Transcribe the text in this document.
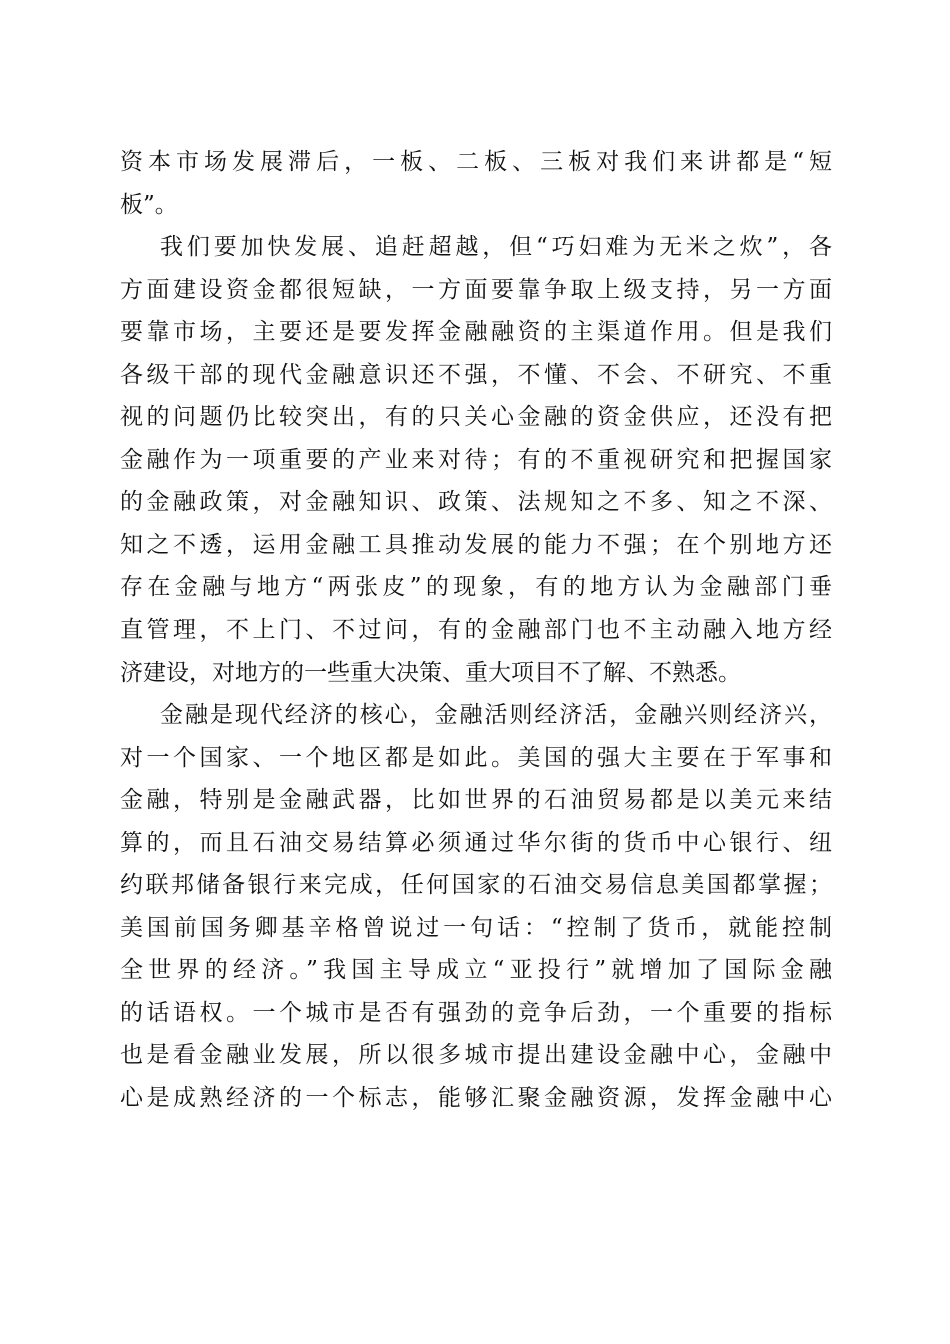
资本市场发展滞后，一板、二板、三板对我们来讲都是“短
板”。
我们要加快发展、追赶超越，但“巧妇难为无米之炊”，各
方面建设资金都很短缺，一方面要靠争取上级支持，另一方面
要靠市场，主要还是要发挥金融融资的主渠道作用。但是我们
各级干部的现代金融意识还不强，不懂、不会、不研究、不重
视的问题仍比较突出，有的只关心金融的资金供应，还没有把
金融作为一项重要的产业来对待；有的不重视研究和把握国家
的金融政策，对金融知识、政策、法规知之不多、知之不深、
知之不透，运用金融工具推动发展的能力不强；在个别地方还
存在金融与地方“两张皮”的现象，有的地方认为金融部门垂
直管理，不上门、不过问，有的金融部门也不主动融入地方经
济建设，对地方的一些重大决策、重大项目不了解、不熟悉。
金融是现代经济的核心，金融活则经济活，金融兴则经济兴，
对一个国家、一个地区都是如此。美国的强大主要在于军事和
金融，特别是金融武器，比如世界的石油贸易都是以美元来结
算的，而且石油交易结算必须通过华尔街的货币中心银行、纽
约联邦储备银行来完成，任何国家的石油交易信息美国都掌握；
美国前国务卿基辛格曾说过一句话：“控制了货币，就能控制
全世界的经济。”我国主导成立“亚投行”就增加了国际金融
的话语权。一个城市是否有强劲的竞争后劲，一个重要的指标
也是看金融业发展，所以很多城市提出建设金融中心，金融中
心是成熟经济的一个标志，能够汇聚金融资源，发挥金融中心
